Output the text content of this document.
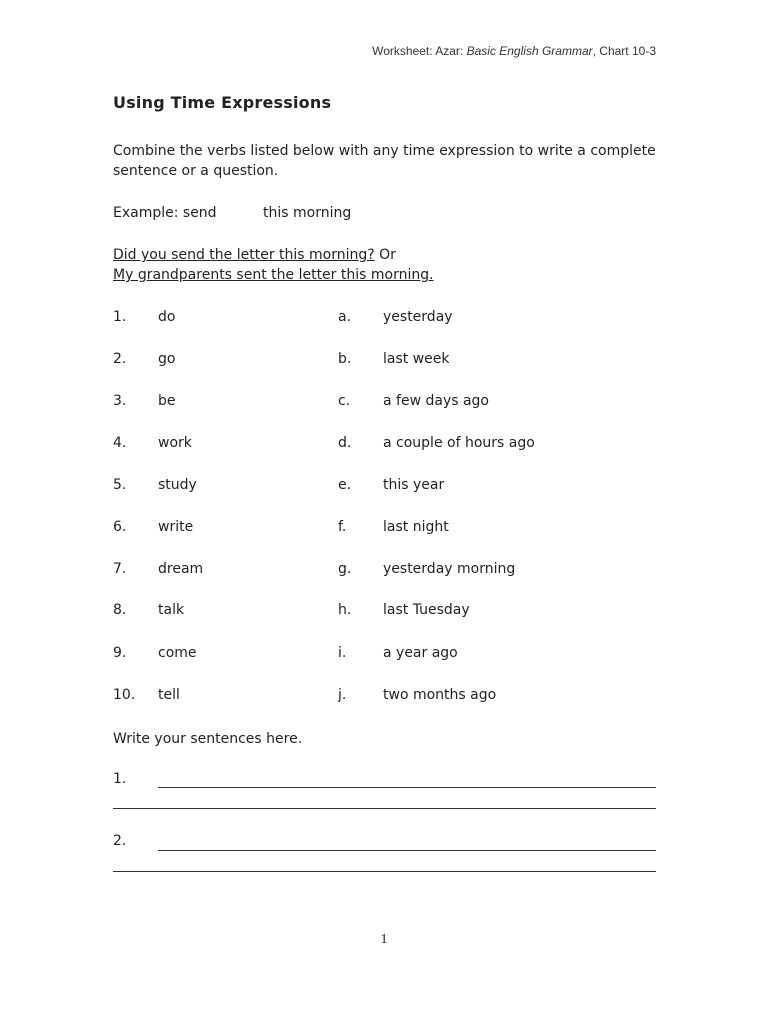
Worksheet: Azar: Basic English Grammar, Chart 10-3
Using Time Expressions
Combine the verbs listed below with any time expression to write a complete sentence or a question.
Example: send	this morning
Did you send the letter this morning? Or
My grandparents sent the letter this morning.
1. do	a. yesterday
2. go	b. last week
3. be	c. a few days ago
4. work	d. a couple of hours ago
5. study	e. this year
6. write	f.	last night
7. dream	g. yesterday morning
8. talk	h. last Tuesday
9. come	i.	a year ago
10. tell	j.	two months ago
Write your sentences here.
1.
2.
1
